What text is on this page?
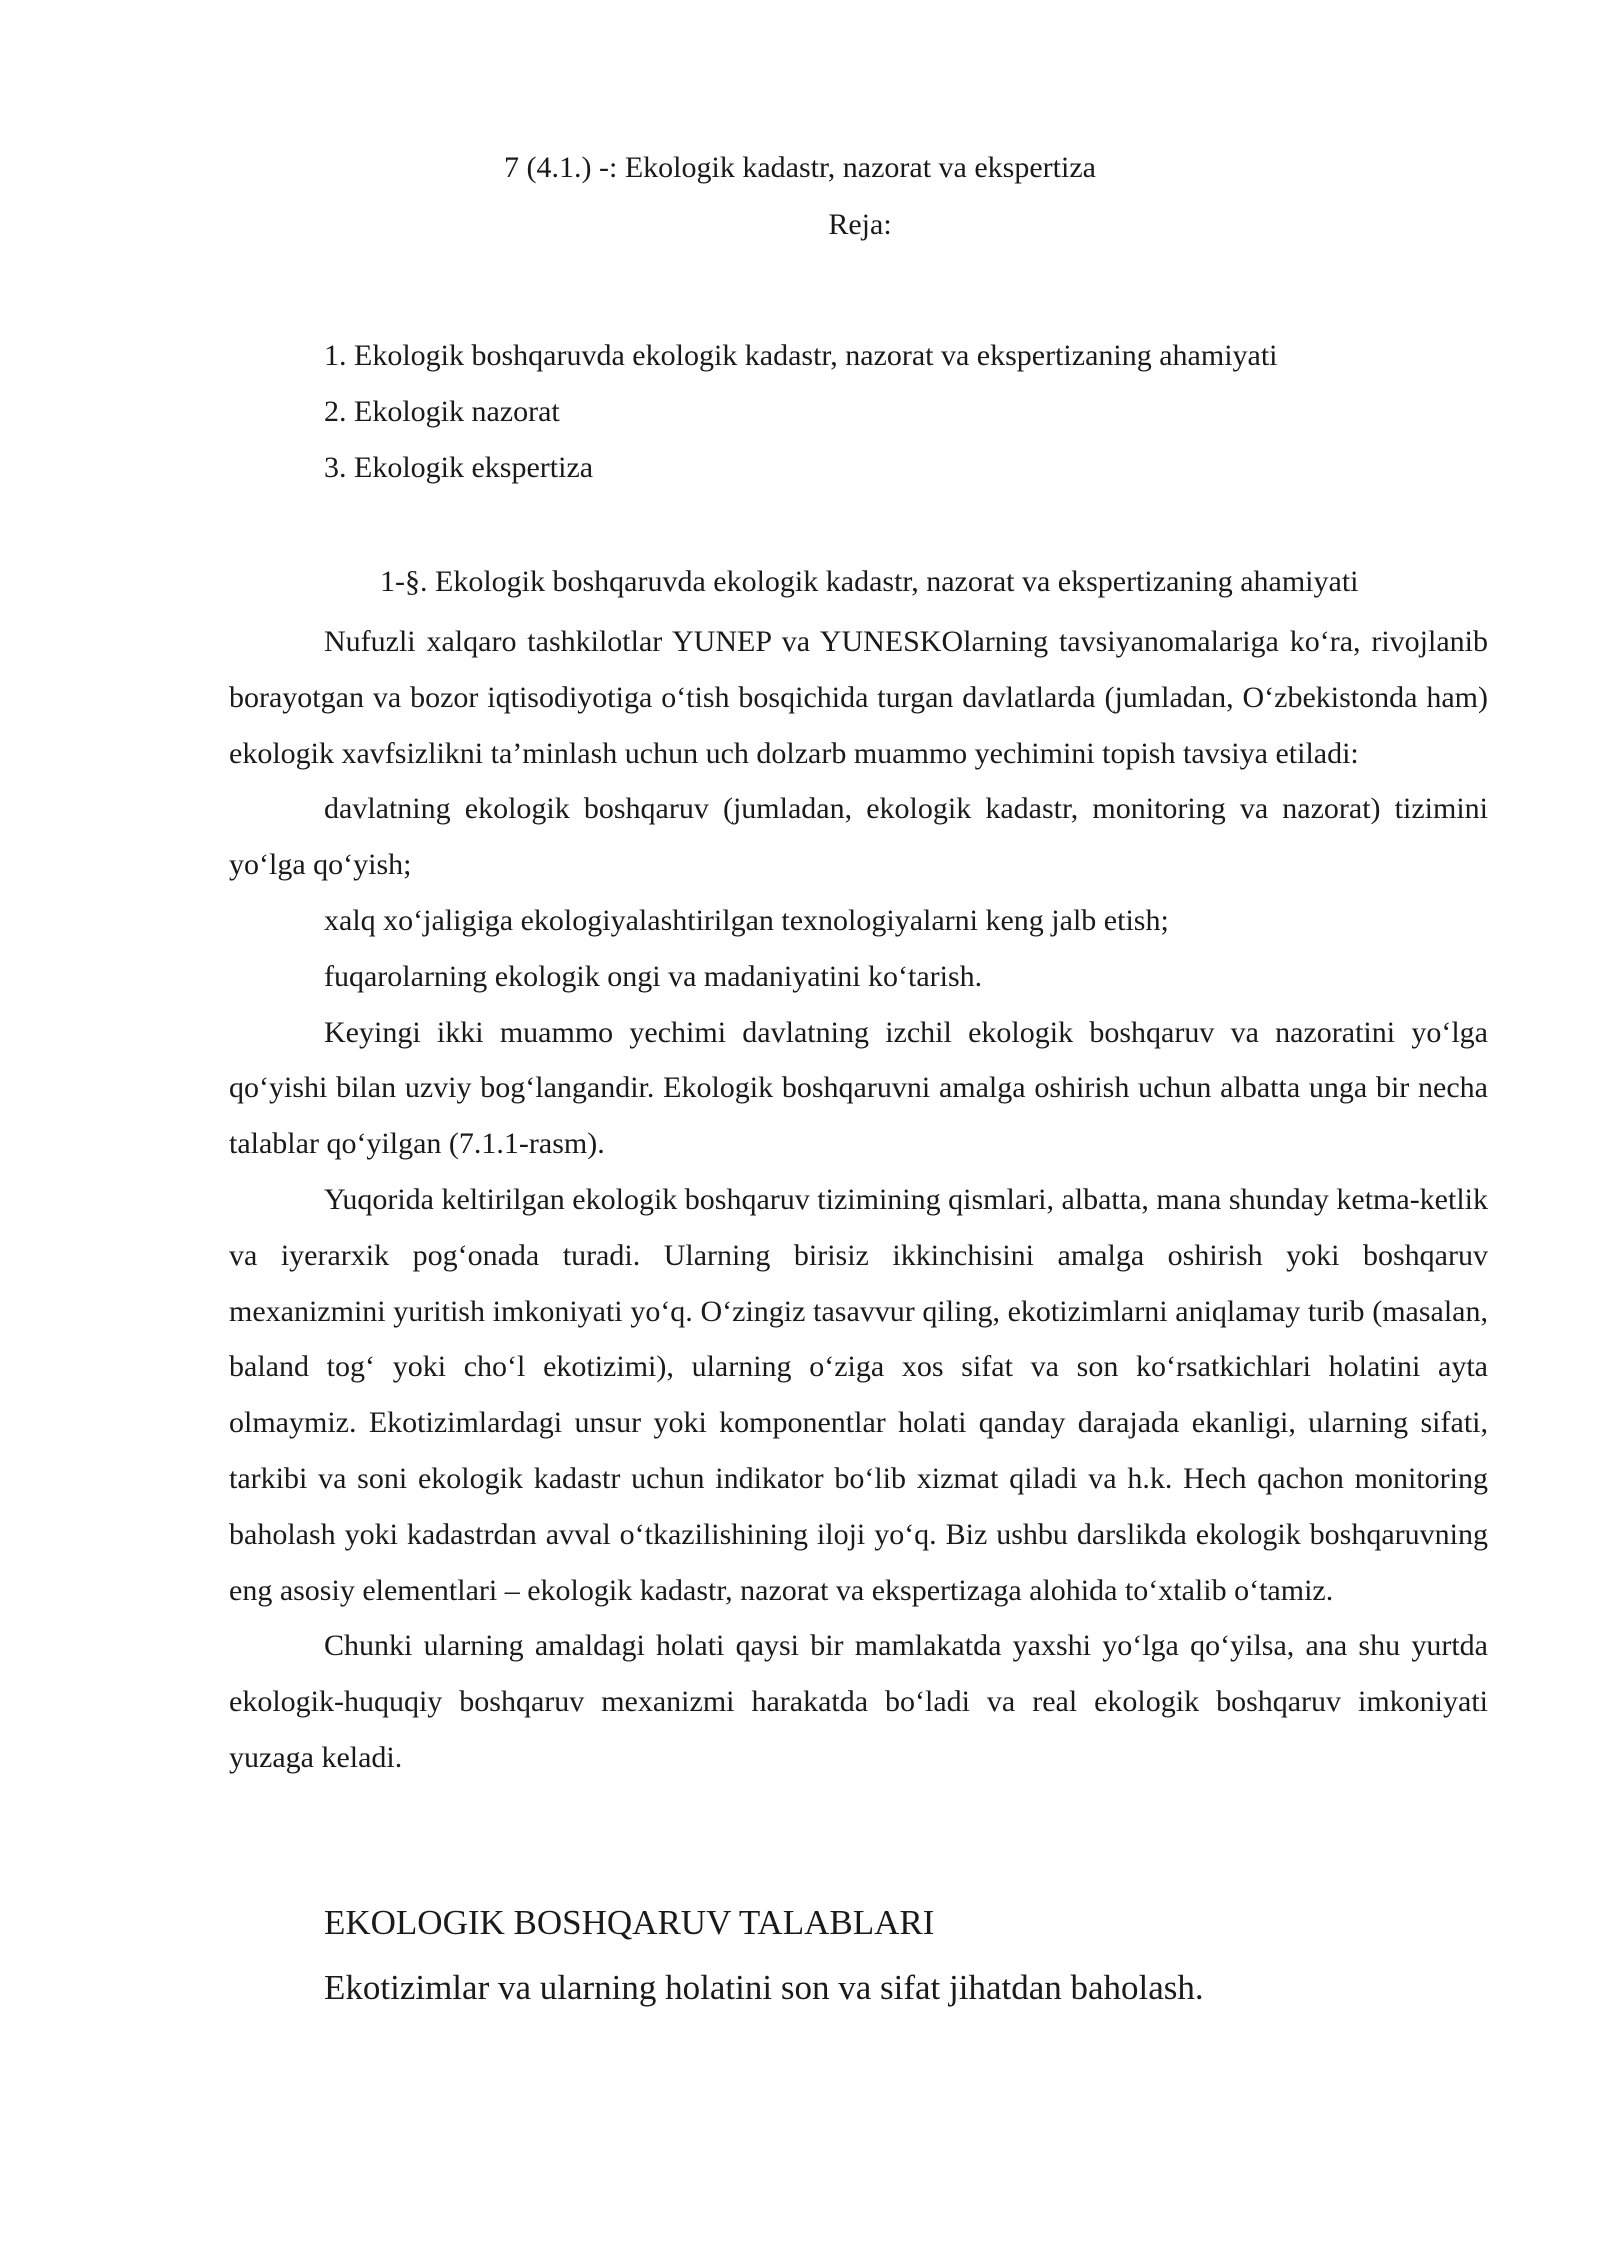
7 (4.1.) -: Ekologik kadastr, nazorat va ekspertiza
Reja:
1. Ekologik boshqaruvda ekologik kadastr, nazorat va ekspertizaning ahamiyati
2. Ekologik nazorat
3. Ekologik ekspertiza
1-§. Ekologik boshqaruvda ekologik kadastr, nazorat va ekspertizaning ahamiyati

Nufuzli xalqaro tashkilotlar YUNEP va YUNESKOlarning tavsiyanomalariga ko‘ra, rivojlanib borayotgan va bozor iqtisodiyotiga o‘tish bosqichida turgan davlatlarda (jumladan, O‘zbekistonda ham) ekologik xavfsizlikni ta’minlash uchun uch dolzarb muammo yechimini topish tavsiya etiladi:

davlatning ekologik boshqaruv (jumladan, ekologik kadastr, monitoring va nazorat) tizimini yo‘lga qo‘yish;

xalq xo‘jaligiga ekologiyalashtirilgan texnologiyalarni keng jalb etish;

fuqarolarning ekologik ongi va madaniyatini ko‘tarish.

Keyingi ikki muammo yechimi davlatning izchil ekologik boshqaruv va nazoratini yo‘lga qo‘yishi bilan uzviy bog‘langandir. Ekologik boshqaruvni amalga oshirish uchun albatta unga bir necha talablar qo‘yilgan (7.1.1-rasm).

Yuqorida keltirilgan ekologik boshqaruv tizimining qismlari, albatta, mana shunday ketma-ketlik va iyerarxik pog‘onada turadi. Ularning birisiz ikkinchisini amalga oshirish yoki boshqaruv mexanizmini yuritish imkoniyati yo‘q. O‘zingiz tasavvur qiling, ekotizimlarni aniqlamay turib (masalan, baland tog‘ yoki cho‘l ekotizimi), ularning o‘ziga xos sifat va son ko‘rsatkichlari holatini ayta olmaymiz. Ekotizimlardagi unsur yoki komponentlar holati qanday darajada ekanligi, ularning sifati, tarkibi va soni ekologik kadastr uchun indikator bo‘lib xizmat qiladi va h.k. Hech qachon monitoring baholash yoki kadastrdan avval o‘tkazilishining iloji yo‘q. Biz ushbu darslikda ekologik boshqaruvning eng asosiy elementlari – ekologik kadastr, nazorat va ekspertizaga alohida to‘xtalib o‘tamiz.

Chunki ularning amaldagi holati qaysi bir mamlakatda yaxshi yo‘lga qo‘yilsa, ana shu yurtda ekologik-huquqiy boshqaruv mexanizmi harakatda bo‘ladi va real ekologik boshqaruv imkoniyati yuzaga keladi.

EKOLOGIK BOSHQARUV TALABLARI

Ekotizimlar va ularning holatini son va sifat jihatdan baholash.
